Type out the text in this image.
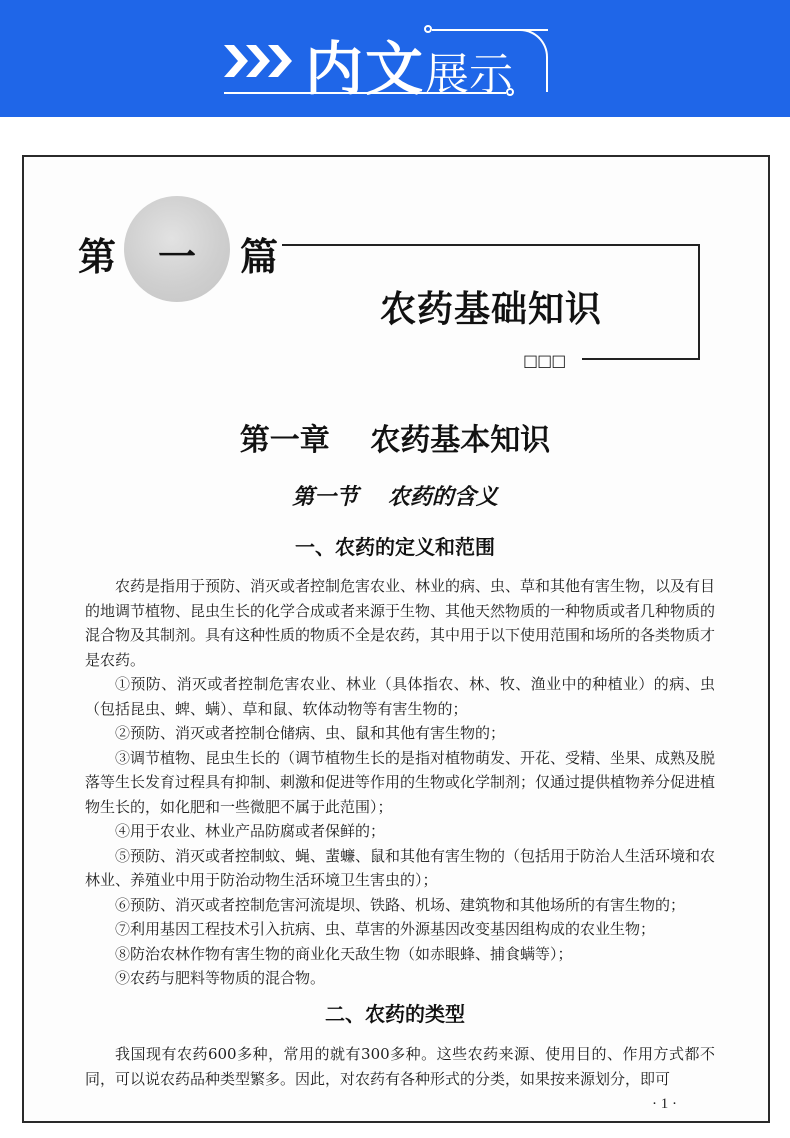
内文展示
第 一 篇
农药基础知识
□□□
第一章　 农药基本知识
第一节　 农药的含义
一、农药的定义和范围

农药是指用于预防、消灭或者控制危害农业、林业的病、虫、草和其他有害生物，以及有目的地调节植物、昆虫生长的化学合成或者来源于生物、其他天然物质的一种物质或者几种物质的混合物及其制剂。具有这种性质的物质不全是农药，其中用于以下使用范围和场所的各类物质才是农药。

①预防、消灭或者控制危害农业、林业（具体指农、林、牧、渔业中的种植业）的病、虫（包括昆虫、蜱、螨）、草和鼠、软体动物等有害生物的；

②预防、消灭或者控制仓储病、虫、鼠和其他有害生物的；

③调节植物、昆虫生长的（调节植物生长的是指对植物萌发、开花、受精、坐果、成熟及脱落等生长发育过程具有抑制、刺激和促进等作用的生物或化学制剂；仅通过提供植物养分促进植物生长的，如化肥和一些微肥不属于此范围）；

④用于农业、林业产品防腐或者保鲜的；

⑤预防、消灭或者控制蚊、蝇、蜚蠊、鼠和其他有害生物的（包括用于防治人生活环境和农林业、养殖业中用于防治动物生活环境卫生害虫的）；

⑥预防、消灭或者控制危害河流堤坝、铁路、机场、建筑物和其他场所的有害生物的；

⑦利用基因工程技术引入抗病、虫、草害的外源基因改变基因组构成的农业生物；

⑧防治农林作物有害生物的商业化天敌生物（如赤眼蜂、捕食螨等）；

⑨农药与肥料等物质的混合物。

二、农药的类型

我国现有农药600多种，常用的就有300多种。这些农药来源、使用目的、作用方式都不同，可以说农药品种类型繁多。因此，对农药有各种形式的分类，如果按来源划分，即可

· 1 ·
